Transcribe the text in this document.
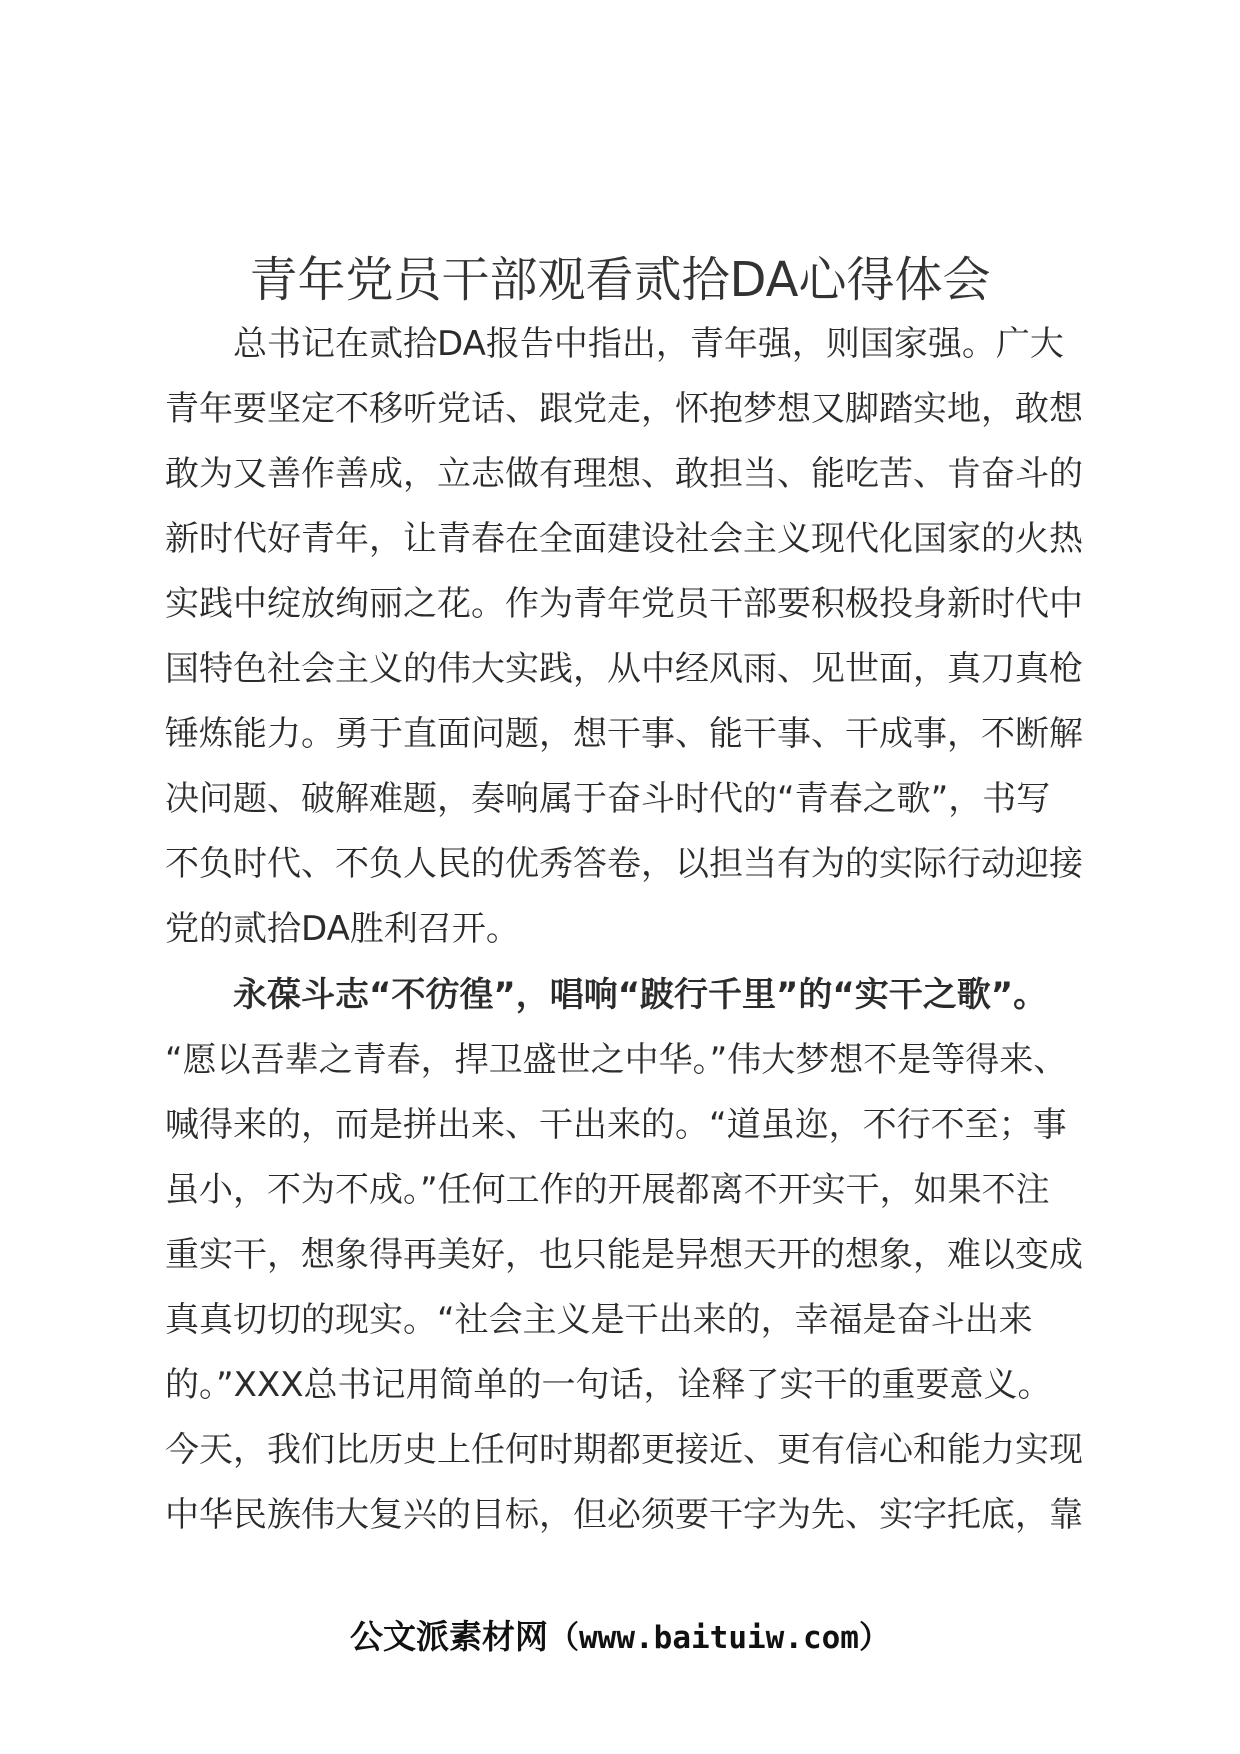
青年党员干部观看贰拾DA心得体会
总书记在贰拾DA报告中指出，青年强，则国家强。广大
青年要坚定不移听党话、跟党走，怀抱梦想又脚踏实地，敢想
敢为又善作善成，立志做有理想、敢担当、能吃苦、肯奋斗的
新时代好青年，让青春在全面建设社会主义现代化国家的火热
实践中绽放绚丽之花。作为青年党员干部要积极投身新时代中
国特色社会主义的伟大实践，从中经风雨、见世面，真刀真枪
锤炼能力。勇于直面问题，想干事、能干事、干成事，不断解
决问题、破解难题，奏响属于奋斗时代的“青春之歌”，书写
不负时代、不负人民的优秀答卷，以担当有为的实际行动迎接
党的贰拾DA胜利召开。
永葆斗志“不彷徨”，唱响“跛行千里”的“实干之歌”。
“愿以吾辈之青春，捍卫盛世之中华。”伟大梦想不是等得来、
喊得来的，而是拼出来、干出来的。“道虽迩，不行不至；事
虽小，不为不成。”任何工作的开展都离不开实干，如果不注
重实干，想象得再美好，也只能是异想天开的想象，难以变成
真真切切的现实。“社会主义是干出来的，幸福是奋斗出来
的。”XXX总书记用简单的一句话，诠释了实干的重要意义。
今天，我们比历史上任何时期都更接近、更有信心和能力实现
中华民族伟大复兴的目标，但必须要干字为先、实字托底，靠
公文派素材网（www.baituiw.com）
